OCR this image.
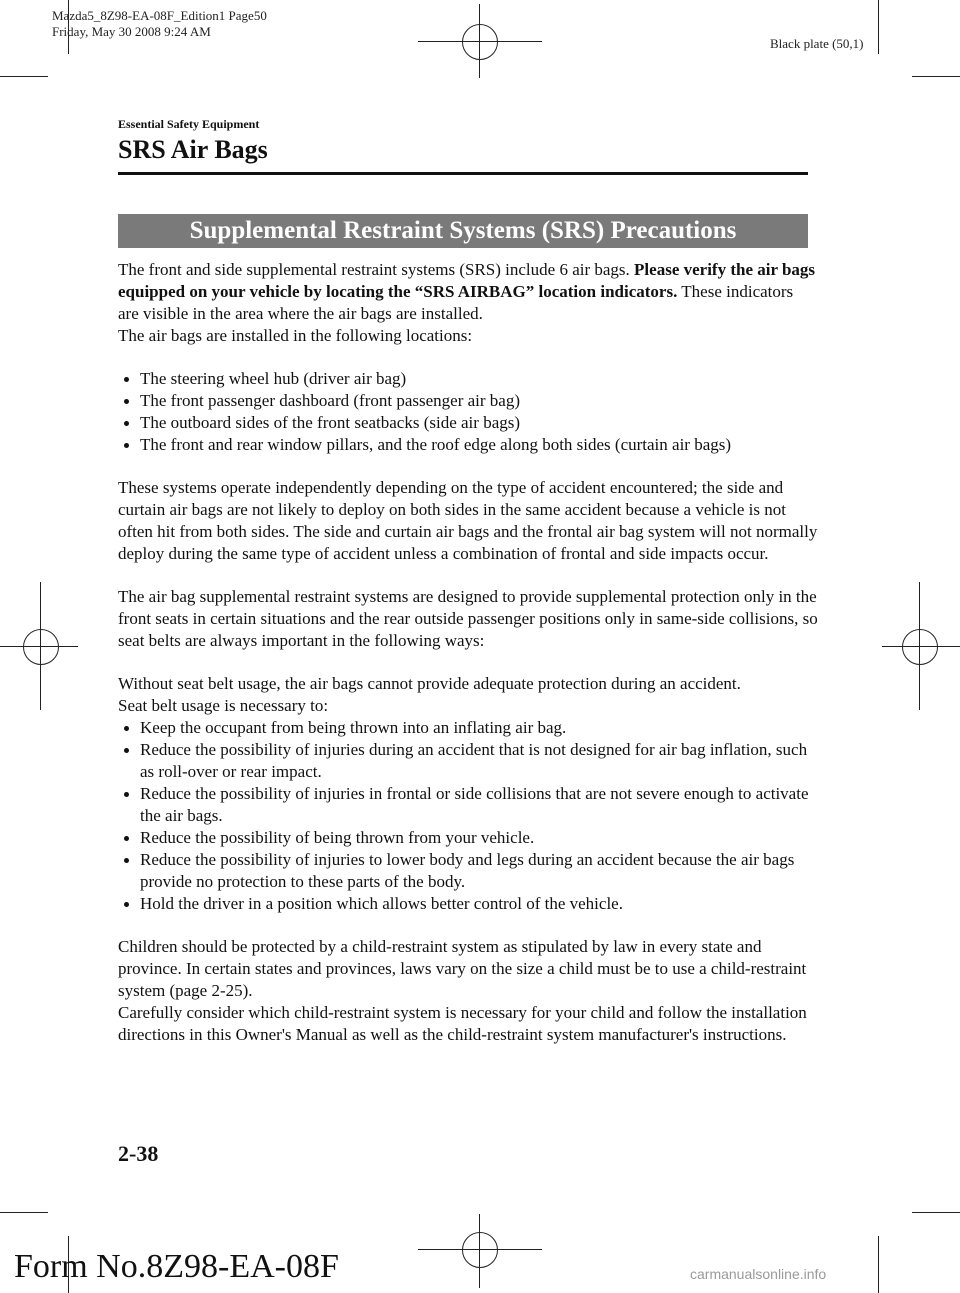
Mazda5_8Z98-EA-08F_Edition1 Page50
Friday, May 30 2008 9:24 AM
Black plate (50,1)
Essential Safety Equipment
SRS Air Bags
Supplemental Restraint Systems (SRS) Precautions

The front and side supplemental restraint systems (SRS) include 6 air bags. Please verify the air bags equipped on your vehicle by locating the “SRS AIRBAG” location indicators. These indicators are visible in the area where the air bags are installed.

The air bags are installed in the following locations:

The steering wheel hub (driver air bag)
The front passenger dashboard (front passenger air bag)
The outboard sides of the front seatbacks (side air bags)
The front and rear window pillars, and the roof edge along both sides (curtain air bags)

These systems operate independently depending on the type of accident encountered; the side and curtain air bags are not likely to deploy on both sides in the same accident because a vehicle is not often hit from both sides. The side and curtain air bags and the frontal air bag system will not normally deploy during the same type of accident unless a combination of frontal and side impacts occur.

The air bag supplemental restraint systems are designed to provide supplemental protection only in the front seats in certain situations and the rear outside passenger positions only in same-side collisions, so seat belts are always important in the following ways:

Without seat belt usage, the air bags cannot provide adequate protection during an accident.

Seat belt usage is necessary to:

Keep the occupant from being thrown into an inflating air bag.
Reduce the possibility of injuries during an accident that is not designed for air bag inflation, such as roll-over or rear impact.
Reduce the possibility of injuries in frontal or side collisions that are not severe enough to activate the air bags.
Reduce the possibility of being thrown from your vehicle.
Reduce the possibility of injuries to lower body and legs during an accident because the air bags provide no protection to these parts of the body.
Hold the driver in a position which allows better control of the vehicle.

Children should be protected by a child-restraint system as stipulated by law in every state and province. In certain states and provinces, laws vary on the size a child must be to use a child-restraint system (page 2-25).

Carefully consider which child-restraint system is necessary for your child and follow the installation directions in this Owner's Manual as well as the child-restraint system manufacturer's instructions.

2-38
Form No.8Z98-EA-08F	carmanualsonline.info
